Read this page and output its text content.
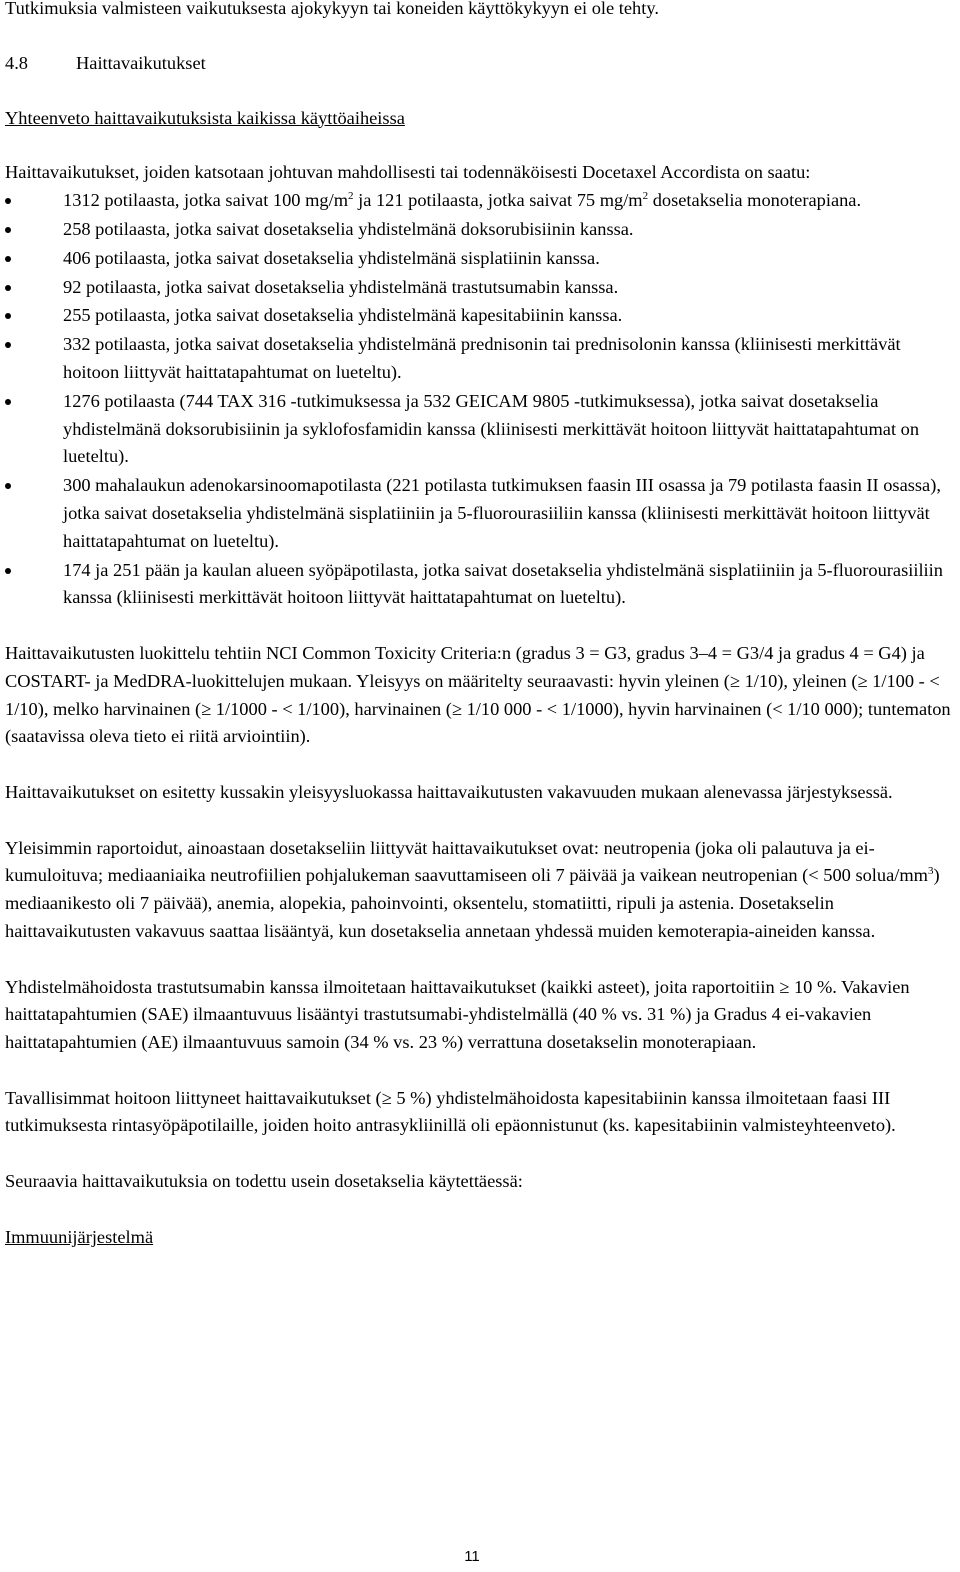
Tutkimuksia valmisteen vaikutuksesta ajokykyyn tai koneiden käyttökykyyn ei ole tehty.

4.8	Haittavaikutukset

Yhteenveto haittavaikutuksista kaikissa käyttöaiheissa

Haittavaikutukset, joiden katsotaan johtuvan mahdollisesti tai todennäköisesti Docetaxel Accordista on saatu:

1312 potilaasta, jotka saivat 100 $mg/m^2$ ja 121 potilaasta, jotka saivat 75 $mg/m^2$ dosetakselia monoterapiana.
258 potilaasta, jotka saivat dosetakselia yhdistelmänä doksorubisiinin kanssa.
406 potilaasta, jotka saivat dosetakselia yhdistelmänä sisplatiinin kanssa.
92 potilaasta, jotka saivat dosetakselia yhdistelmänä trastutsumabin kanssa.
255 potilaasta, jotka saivat dosetakselia yhdistelmänä kapesitabiinin kanssa.
332 potilaasta, jotka saivat dosetakselia yhdistelmänä prednisonin tai prednisolonin kanssa (kliinisesti merkittävät hoitoon liittyvät haittatapahtumat on lueteltu).
1276 potilaasta (744 TAX 316 -tutkimuksessa ja 532 GEICAM 9805 -tutkimuksessa), jotka saivat dosetakselia yhdistelmänä doksorubisiinin ja syklofosfamidin kanssa (kliinisesti merkittävät hoitoon liittyvät haittatapahtumat on lueteltu).
300 mahalaukun adenokarsinoomapotilasta (221 potilasta tutkimuksen faasin III osassa ja 79 potilasta faasin II osassa), jotka saivat dosetakselia yhdistelmänä sisplatiiniin ja 5-fluorourasiiliin kanssa (kliinisesti merkittävät hoitoon liittyvät haittatapahtumat on lueteltu).
174 ja 251 pään ja kaulan alueen syöpäpotilasta, jotka saivat dosetakselia yhdistelmänä sisplatiiniin ja 5-fluorourasiiliin kanssa (kliinisesti merkittävät hoitoon liittyvät haittatapahtumat on lueteltu).

Haittavaikutusten luokittelu tehtiin NCI Common Toxicity Criteria:n (gradus 3 = G3, gradus 3–4 = G3/4 ja gradus 4 = G4) ja COSTART- ja MedDRA-luokittelujen mukaan. Yleisyys on määritelty seuraavasti: hyvin yleinen (≥ 1/10), yleinen (≥ 1/100 - < 1/10), melko harvinainen (≥ 1/1000 - < 1/100), harvinainen (≥ 1/10 000 - < 1/1000), hyvin harvinainen (< 1/10 000); tuntematon (saatavissa oleva tieto ei riitä arviointiin).

Haittavaikutukset on esitetty kussakin yleisyysluokassa haittavaikutusten vakavuuden mukaan alenevassa järjestyksessä.

Yleisimmin raportoidut, ainoastaan dosetakseliin liittyvät haittavaikutukset ovat: neutropenia (joka oli palautuva ja ei-kumuloituva; mediaaniaika neutrofiilien pohjalukeman saavuttamiseen oli 7 päivää ja vaikean neutropenian (< 500 solua/$mm^3$) mediaanikesto oli 7 päivää), anemia, alopekia, pahoinvointi, oksentelu, stomatiitti, ripuli ja astenia. Dosetakselin haittavaikutusten vakavuus saattaa lisääntyä, kun dosetakselia annetaan yhdessä muiden kemoterapia-aineiden kanssa.

Yhdistelmähoidosta trastutsumabin kanssa ilmoitetaan haittavaikutukset (kaikki asteet), joita raportoitiin ≥ 10 %. Vakavien haittatapahtumien (SAE) ilmaantuvuus lisääntyi trastutsumabi-yhdistelmällä (40 % vs. 31 %) ja Gradus 4 ei-vakavien haittatapahtumien (AE) ilmaantuvuus samoin (34 % vs. 23 %) verrattuna dosetakselin monoterapiaan.

Tavallisimmat hoitoon liittyneet haittavaikutukset (≥ 5 %) yhdistelmähoidosta kapesitabiinin kanssa ilmoitetaan faasi III tutkimuksesta rintasyöpäpotilaille, joiden hoito antrasykliinillä oli epäonnistunut (ks. kapesitabiinin valmisteyhteenveto).

Seuraavia haittavaikutuksia on todettu usein dosetakselia käytettäessä:

Immuunijärjestelmä

11
